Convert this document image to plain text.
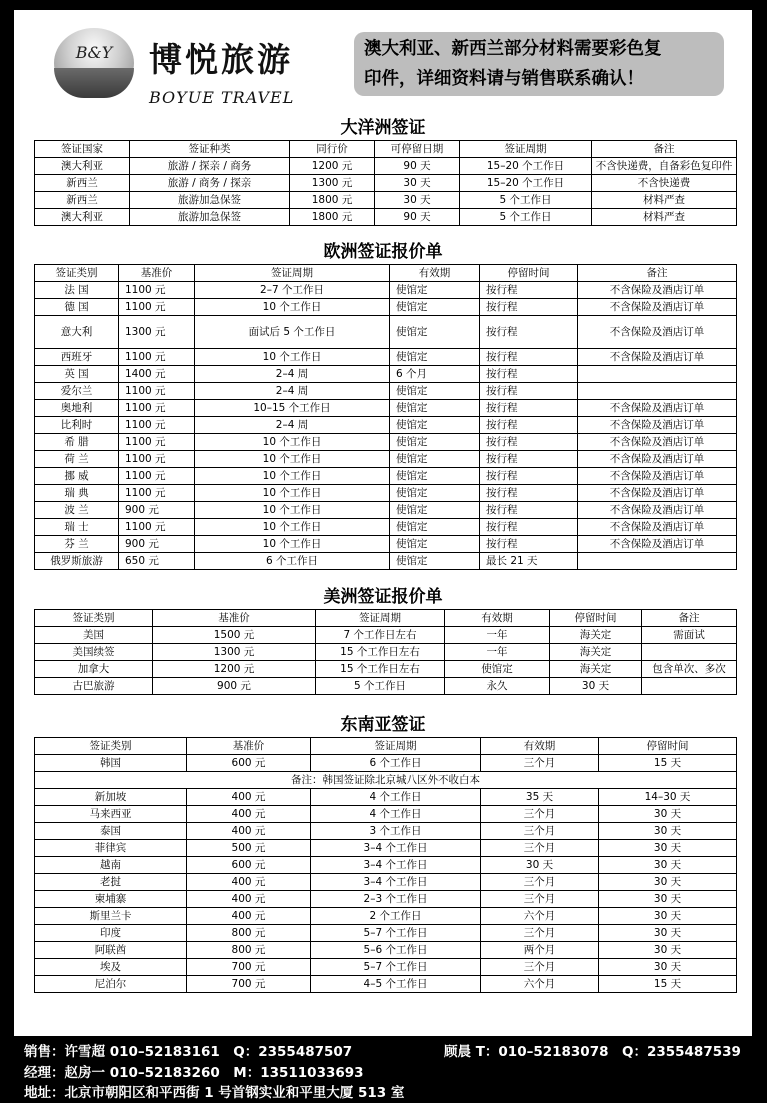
B&Y 博悦旅游
BOYUE TRAVEL
澳大利亚、新西兰部分材料需要彩色复
印件，详细资料请与销售联系确认！
大洋洲签证
签证国家	签证种类	同行价	可停留日期	签证周期	备注
澳大利亚	旅游 / 探亲 / 商务	1200 元	90 天	15–20 个工作日	不含快递费，自备彩色复印件
新西兰	旅游 / 商务 / 探亲	1300 元	30 天	15–20 个工作日	不含快递费
新西兰	旅游加急保签	1800 元	30 天	5 个工作日	材料严查
澳大利亚	旅游加急保签	1800 元	90 天	5 个工作日	材料严查
欧洲签证报价单
签证类别	基准价	签证周期	有效期	停留时间	备注
法 国	1100 元	2–7 个工作日	使馆定	按行程	不含保险及酒店订单
德 国	1100 元	10 个工作日	使馆定	按行程	不含保险及酒店订单
意大利	1300 元	面试后 5 个工作日	使馆定	按行程	不含保险及酒店订单
西班牙	1100 元	10 个工作日	使馆定	按行程	不含保险及酒店订单
英 国	1400 元	2–4 周	6 个月	按行程	
爱尔兰	1100 元	2–4 周	使馆定	按行程	
奥地利	1100 元	10–15 个工作日	使馆定	按行程	不含保险及酒店订单
比利时	1100 元	2–4 周	使馆定	按行程	不含保险及酒店订单
希 腊	1100 元	10 个工作日	使馆定	按行程	不含保险及酒店订单
荷 兰	1100 元	10 个工作日	使馆定	按行程	不含保险及酒店订单
挪 威	1100 元	10 个工作日	使馆定	按行程	不含保险及酒店订单
瑞 典	1100 元	10 个工作日	使馆定	按行程	不含保险及酒店订单
波 兰	900 元	10 个工作日	使馆定	按行程	不含保险及酒店订单
瑞 士	1100 元	10 个工作日	使馆定	按行程	不含保险及酒店订单
芬 兰	900 元	10 个工作日	使馆定	按行程	不含保险及酒店订单
俄罗斯旅游	650 元	6 个工作日	使馆定	最长 21 天	
美洲签证报价单
签证类别	基准价	签证周期	有效期	停留时间	备注
美国	1500 元	7 个工作日左右	一年	海关定	需面试
美国续签	1300 元	15 个工作日左右	一年	海关定	
加拿大	1200 元	15 个工作日左右	使馆定	海关定	包含单次、多次
古巴旅游	900 元	5 个工作日	永久	30 天	
东南亚签证
签证类别	基准价	签证周期	有效期	停留时间
韩国	600 元	6 个工作日	三个月	15 天
备注：韩国签证除北京城八区外不收白本				
新加坡	400 元	4 个工作日	35 天	14–30 天
马来西亚	400 元	4 个工作日	三个月	30 天
泰国	400 元	3 个工作日	三个月	30 天
菲律宾	500 元	3–4 个工作日	三个月	30 天
越南	600 元	3–4 个工作日	30 天	30 天
老挝	400 元	3–4 个工作日	三个月	30 天
柬埔寨	400 元	2–3 个工作日	三个月	30 天
斯里兰卡	400 元	2 个工作日	六个月	30 天
印度	800 元	5–7 个工作日	三个月	30 天
阿联酋	800 元	5–6 个工作日	两个月	30 天
埃及	700 元	5–7 个工作日	三个月	30 天
尼泊尔	700 元	4–5 个工作日	六个月	15 天
销售：许雪超 010–52183161　Q：2355487507	顾晨 T：010–52183078　Q：2355487539
经理：赵房一 010–52183260　M：13511033693
地址：北京市朝阳区和平西街 1 号首钢实业和平里大厦 513 室
